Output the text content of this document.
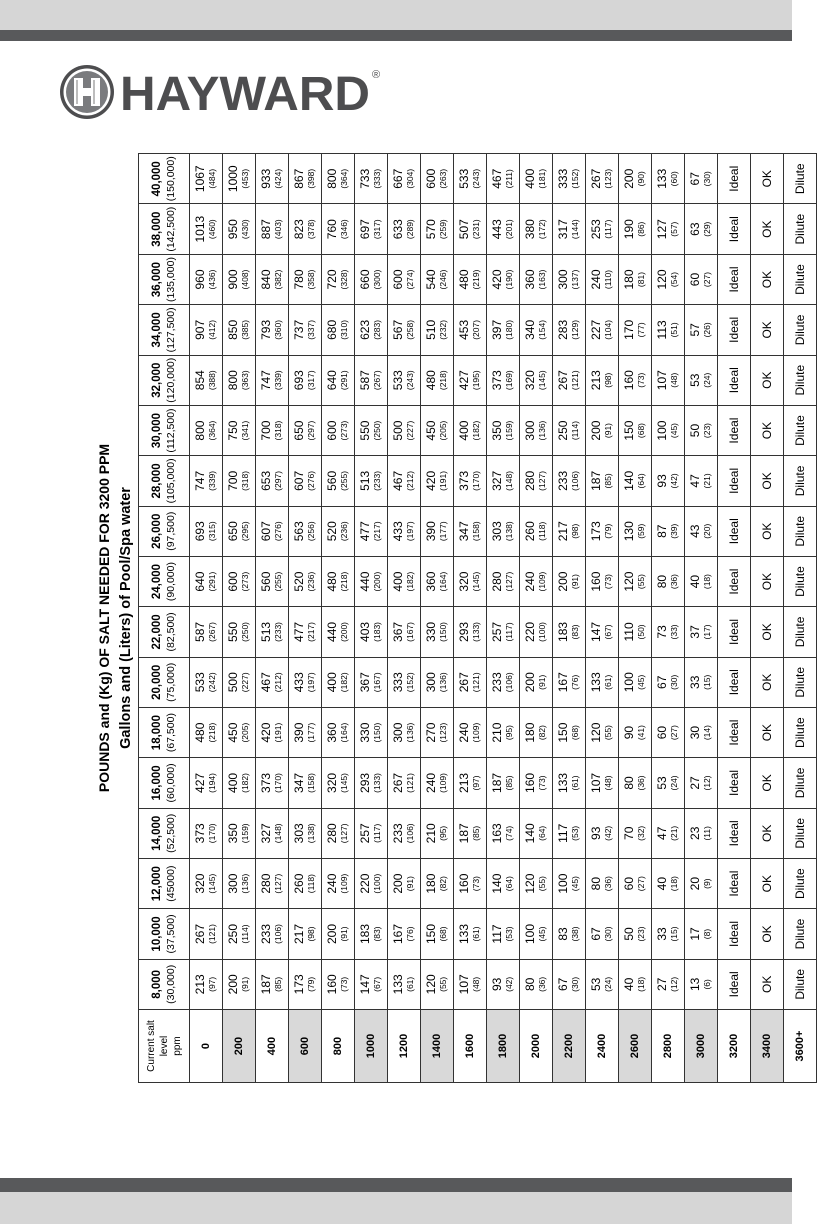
HAYWARD ®
POUNDS and (Kg) OF SALT NEEDED FOR 3200 PPM Gallons and (Liters) of Pool/Spa water
Current salt level ppm	8,000 (30,000)	10,000 (37,500)	12,000 (45000)	14,000 (52,500)	16,000 (60,000)	18,000 (67,500)	20,000 (75,000)	22,000 (82,500)	24,000 (90,000)	26,000 (97,500)	28,000 (105,000)	30,000 (112,500)	32,000 (120,000)	34,000 (127,500)	36,000 (135,000)	38,000 (142,500)	40,000 (150,000)

0	213 (97)	267 (121)	320 (145)	373 (170)	427 (194)	480 (218)	533 (242)	587 (267)	640 (291)	693 (315)	747 (339)	800 (364)	854 (388)	907 (412)	960 (436)	1013 (460)	1067 (484)

200	200 (91)	250 (114)	300 (136)	350 (159)	400 (182)	450 (205)	500 (227)	550 (250)	600 (273)	650 (295)	700 (318)	750 (341)	800 (363)	850 (385)	900 (408)	950 (430)	1000 (453)

400	187 (85)	233 (106)	280 (127)	327 (148)	373 (170)	420 (191)	467 (212)	513 (233)	560 (255)	607 (276)	653 (297)	700 (318)	747 (339)	793 (360)	840 (382)	887 (403)	933 (424)

600	173 (79)	217 (98)	260 (118)	303 (138)	347 (158)	390 (177)	433 (197)	477 (217)	520 (236)	563 (256)	607 (276)	650 (297)	693 (317)	737 (337)	780 (358)	823 (378)	867 (398)

800	160 (73)	200 (91)	240 (109)	280 (127)	320 (145)	360 (164)	400 (182)	440 (200)	480 (218)	520 (236)	560 (255)	600 (273)	640 (291)	680 (310)	720 (328)	760 (346)	800 (364)

1000	147 (67)	183 (83)	220 (100)	257 (117)	293 (133)	330 (150)	367 (167)	403 (183)	440 (200)	477 (217)	513 (233)	550 (250)	587 (267)	623 (283)	660 (300)	697 (317)	733 (333)

1200	133 (61)	167 (76)	200 (91)	233 (106)	267 (121)	300 (136)	333 (152)	367 (167)	400 (182)	433 (197)	467 (212)	500 (227)	533 (243)	567 (258)	600 (274)	633 (289)	667 (304)

1400	120 (55)	150 (68)	180 (82)	210 (95)	240 (109)	270 (123)	300 (136)	330 (150)	360 (164)	390 (177)	420 (191)	450 (205)	480 (218)	510 (232)	540 (246)	570 (259)	600 (263)

1600	107 (48)	133 (61)	160 (73)	187 (85)	213 (97)	240 (109)	267 (121)	293 (133)	320 (145)	347 (158)	373 (170)	400 (182)	427 (195)	453 (207)	480 (219)	507 (231)	533 (243)

1800	93 (42)	117 (53)	140 (64)	163 (74)	187 (85)	210 (95)	233 (106)	257 (117)	280 (127)	303 (138)	327 (148)	350 (159)	373 (169)	397 (180)	420 (190)	443 (201)	467 (211)

2000	80 (36)	100 (45)	120 (55)	140 (64)	160 (73)	180 (82)	200 (91)	220 (100)	240 (109)	260 (118)	280 (127)	300 (136)	320 (145)	340 (154)	360 (163)	380 (172)	400 (181)

2200	67 (30)	83 (38)	100 (45)	117 (53)	133 (61)	150 (68)	167 (76)	183 (83)	200 (91)	217 (98)	233 (106)	250 (114)	267 (121)	283 (129)	300 (137)	317 (144)	333 (152)

2400	53 (24)	67 (30)	80 (36)	93 (42)	107 (48)	120 (55)	133 (61)	147 (67)	160 (73)	173 (79)	187 (85)	200 (91)	213 (98)	227 (104)	240 (110)	253 (117)	267 (123)

2600	40 (18)	50 (23)	60 (27)	70 (32)	80 (36)	90 (41)	100 (45)	110 (50)	120 (55)	130 (59)	140 (64)	150 (68)	160 (73)	170 (77)	180 (81)	190 (86)	200 (90)

2800	27 (12)	33 (15)	40 (18)	47 (21)	53 (24)	60 (27)	67 (30)	73 (33)	80 (36)	87 (39)	93 (42)	100 (45)	107 (48)	113 (51)	120 (54)	127 (57)	133 (60)

3000	13 (6)	17 (8)	20 (9)	23 (11)	27 (12)	30 (14)	33 (15)	37 (17)	40 (18)	43 (20)	47 (21)	50 (23)	53 (24)	57 (26)	60 (27)	63 (29)	67 (30)

3200	Ideal	Ideal	Ideal	Ideal	Ideal	Ideal	Ideal	Ideal	Ideal	Ideal	Ideal	Ideal	Ideal	Ideal	Ideal	Ideal	Ideal

3400	OK	OK	OK	OK	OK	OK	OK	OK	OK	OK	OK	OK	OK	OK	OK	OK	OK

3600+	Dilute	Dilute	Dilute	Dilute	Dilute	Dilute	Dilute	Dilute	Dilute	Dilute	Dilute	Dilute	Dilute	Dilute	Dilute	Dilute	Dilute
